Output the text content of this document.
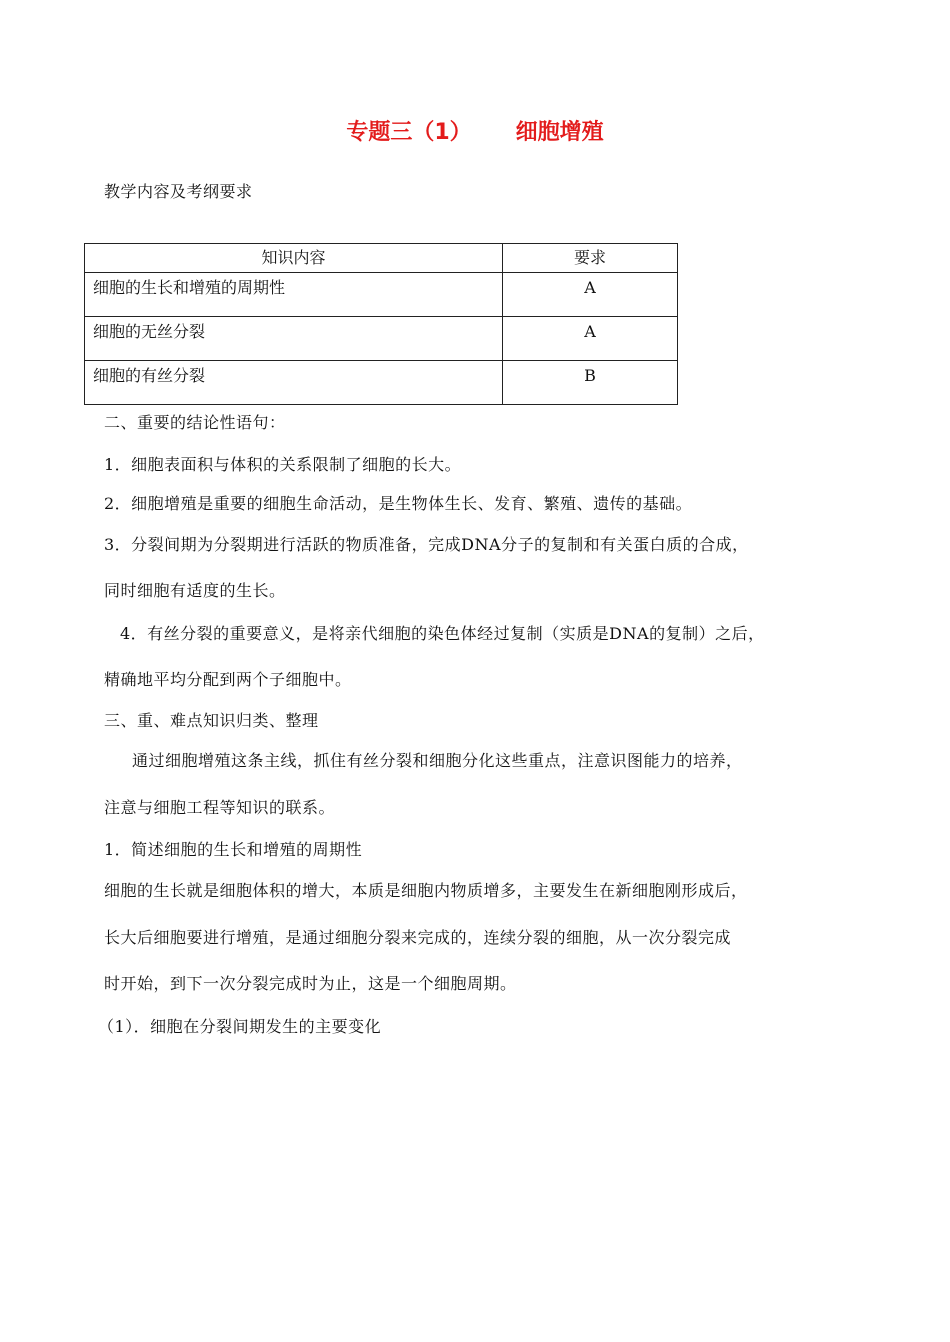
专题三（1） 细胞增殖
教学内容及考纲要求
知识内容	要求
细胞的生长和增殖的周期性	A
细胞的无丝分裂	A
细胞的有丝分裂	B
二、重要的结论性语句：
1．细胞表面积与体积的关系限制了细胞的长大。
2．细胞增殖是重要的细胞生命活动，是生物体生长、发育、繁殖、遗传的基础。
3．分裂间期为分裂期进行活跃的物质准备，完成DNA分子的复制和有关蛋白质的合成，
同时细胞有适度的生长。
4．有丝分裂的重要意义，是将亲代细胞的染色体经过复制（实质是DNA的复制）之后，
精确地平均分配到两个子细胞中。
三、重、难点知识归类、整理
通过细胞增殖这条主线，抓住有丝分裂和细胞分化这些重点，注意识图能力的培养，
注意与细胞工程等知识的联系。
1．简述细胞的生长和增殖的周期性
细胞的生长就是细胞体积的增大，本质是细胞内物质增多，主要发生在新细胞刚形成后，
长大后细胞要进行增殖，是通过细胞分裂来完成的，连续分裂的细胞，从一次分裂完成
时开始，到下一次分裂完成时为止，这是一个细胞周期。
（1）．细胞在分裂间期发生的主要变化
